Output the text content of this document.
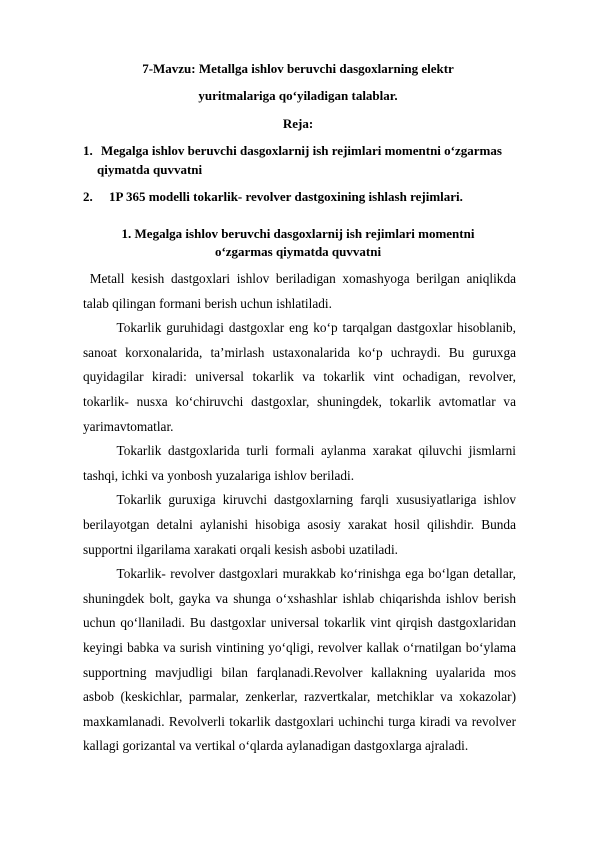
7-Mavzu: Metallga ishlov beruvchi dasgoxlarning elektr
yuritmalariga qo‘yiladigan talablar.
Reja:
1. Megalga ishlov beruvchi dasgoxlarnij ish rejimlari momentni o‘zgarmas
qiymatda quvvatni
2. 1P 365 modelli tokarlik- revolver dastgoxining ishlash rejimlari.
1. Megalga ishlov beruvchi dasgoxlarnij ish rejimlari momentni
o‘zgarmas qiymatda quvvatni
Metall kesish dastgoxlari ishlov beriladigan xomashyoga berilgan aniqlikda
talab qilingan formani berish uchun ishlatiladi.
Tokarlik guruhidagi dastgoxlar eng ko‘p tarqalgan dastgoxlar hisoblanib,
sanoat korxonalarida, ta’mirlash ustaxonalarida ko‘p uchraydi. Bu guruxga
quyidagilar kiradi: universal tokarlik va tokarlik vint ochadigan, revolver,
tokarlik- nusxa ko‘chiruvchi dastgoxlar, shuningdek, tokarlik avtomatlar va
yarimavtomatlar.
Tokarlik dastgoxlarida turli formali aylanma xarakat qiluvchi jismlarni
tashqi, ichki va yonbosh yuzalariga ishlov beriladi.
Tokarlik guruxiga kiruvchi dastgoxlarning farqli xususiyatlariga ishlov
berilayotgan detalni aylanishi hisobiga asosiy xarakat hosil qilishdir. Bunda
supportni ilgarilama xarakati orqali kesish asbobi uzatiladi.
Tokarlik- revolver dastgoxlari murakkab ko‘rinishga ega bo‘lgan detallar,
shuningdek bolt, gayka va shunga o‘xshashlar ishlab chiqarishda ishlov berish
uchun qo‘llaniladi. Bu dastgoxlar universal tokarlik vint qirqish dastgoxlaridan
keyingi babka va surish vintining yo‘qligi, revolver kallak o‘rnatilgan bo‘ylama
supportning mavjudligi bilan farqlanadi.Revolver kallakning uyalarida mos
asbob (keskichlar, parmalar, zenkerlar, razvertkalar, metchiklar va xokazolar)
maxkamlanadi. Revolverli tokarlik dastgoxlari uchinchi turga kiradi va revolver
kallagi gorizantal va vertikal o‘qlarda aylanadigan dastgoxlarga ajraladi.
